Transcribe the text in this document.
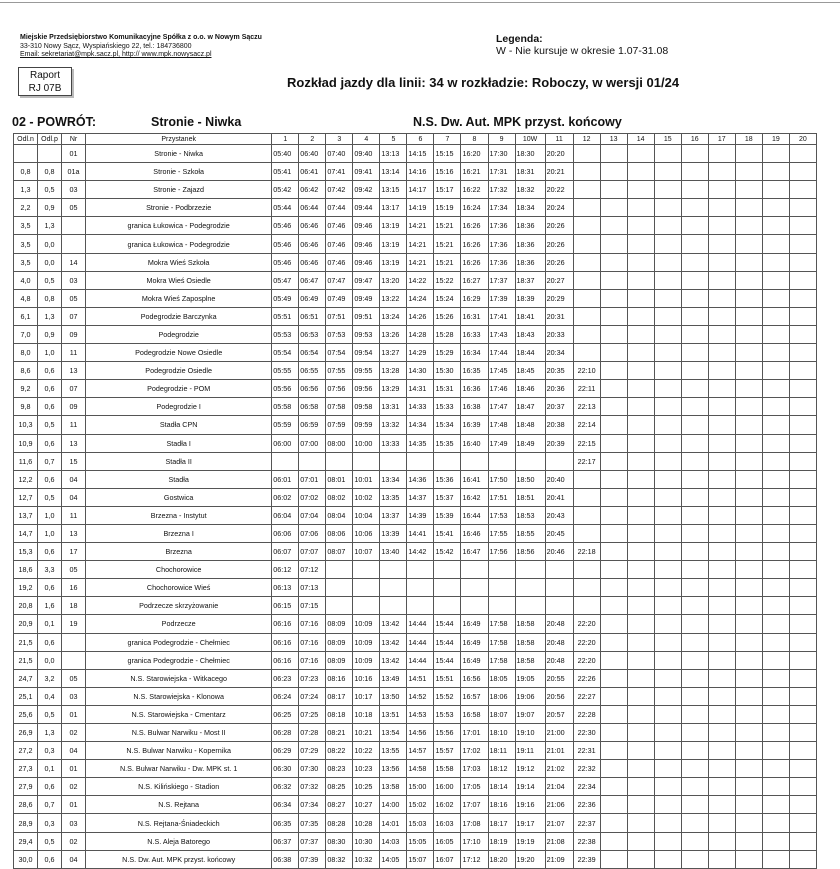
Miejskie Przedsiębiorstwo Komunikacyjne Spółka z o.o. w Nowym Sączu
33-310 Nowy Sącz, Wyspiańskiego 22, tel.: 184736800
Email: sekretariat@mpk.sacz.pl, http:// www.mpk.nowysacz.pl
Raport
RJ 07B
Legenda:
W - Nie kursuje w okresie 1.07-31.08
Rozkład jazdy dla linii: 34 w rozkładzie: Roboczy, w wersji 01/24
02 - POWRÓT:	Stronie - Niwka	N.S. Dw. Aut. MPK przyst. końcowy
Odl.n	Odl.p	Nr	Przystanek	1	2	3	4	5	6	7	8	9	10W	11	12	13	14	15	16	17	18	19	20
		01	Stronie - Niwka	05:40	06:40	07:40	09:40	13:13	14:15	15:15	16:20	17:30	18:30	20:20									
0,8	0,8	01a	Stronie - Szkoła	05:41	06:41	07:41	09:41	13:14	14:16	15:16	16:21	17:31	18:31	20:21									
1,3	0,5	03	Stronie - Zajazd	05:42	06:42	07:42	09:42	13:15	14:17	15:17	16:22	17:32	18:32	20:22									
2,2	0,9	05	Stronie - Podbrzezie	05:44	06:44	07:44	09:44	13:17	14:19	15:19	16:24	17:34	18:34	20:24									
3,5	1,3		granica Łukowica - Podegrodzie	05:46	06:46	07:46	09:46	13:19	14:21	15:21	16:26	17:36	18:36	20:26									
3,5	0,0		granica Łukowica - Podegrodzie	05:46	06:46	07:46	09:46	13:19	14:21	15:21	16:26	17:36	18:36	20:26									
3,5	0,0	14	Mokra Wieś Szkoła	05:46	06:46	07:46	09:46	13:19	14:21	15:21	16:26	17:36	18:36	20:26									
4,0	0,5	03	Mokra Wieś Osiedle	05:47	06:47	07:47	09:47	13:20	14:22	15:22	16:27	17:37	18:37	20:27									
4,8	0,8	05	Mokra Wieś Zaposplne	05:49	06:49	07:49	09:49	13:22	14:24	15:24	16:29	17:39	18:39	20:29									
6,1	1,3	07	Podegrodzie Barczynka	05:51	06:51	07:51	09:51	13:24	14:26	15:26	16:31	17:41	18:41	20:31									
7,0	0,9	09	Podegrodzie	05:53	06:53	07:53	09:53	13:26	14:28	15:28	16:33	17:43	18:43	20:33									
8,0	1,0	11	Podegrodzie Nowe Osiedle	05:54	06:54	07:54	09:54	13:27	14:29	15:29	16:34	17:44	18:44	20:34									
8,6	0,6	13	Podegrodzie Osiedle	05:55	06:55	07:55	09:55	13:28	14:30	15:30	16:35	17:45	18:45	20:35	22:10								
9,2	0,6	07	Podegrodzie - POM	05:56	06:56	07:56	09:56	13:29	14:31	15:31	16:36	17:46	18:46	20:36	22:11								
9,8	0,6	09	Podegrodzie I	05:58	06:58	07:58	09:58	13:31	14:33	15:33	16:38	17:47	18:47	20:37	22:13								
10,3	0,5	11	Stadła CPN	05:59	06:59	07:59	09:59	13:32	14:34	15:34	16:39	17:48	18:48	20:38	22:14								
10,9	0,6	13	Stadła I	06:00	07:00	08:00	10:00	13:33	14:35	15:35	16:40	17:49	18:49	20:39	22:15								
11,6	0,7	15	Stadła II												22:17								
12,2	0,6	04	Stadła	06:01	07:01	08:01	10:01	13:34	14:36	15:36	16:41	17:50	18:50	20:40									
12,7	0,5	04	Gostwica	06:02	07:02	08:02	10:02	13:35	14:37	15:37	16:42	17:51	18:51	20:41									
13,7	1,0	11	Brzezna - Instytut	06:04	07:04	08:04	10:04	13:37	14:39	15:39	16:44	17:53	18:53	20:43									
14,7	1,0	13	Brzezna I	06:06	07:06	08:06	10:06	13:39	14:41	15:41	16:46	17:55	18:55	20:45									
15,3	0,6	17	Brzezna	06:07	07:07	08:07	10:07	13:40	14:42	15:42	16:47	17:56	18:56	20:46	22:18								
18,6	3,3	05	Chochorowice	06:12	07:12																		
19,2	0,6	16	Chochorowice Wieś	06:13	07:13																		
20,8	1,6	18	Podrzecze skrzyżowanie	06:15	07:15																		
20,9	0,1	19	Podrzecze	06:16	07:16	08:09	10:09	13:42	14:44	15:44	16:49	17:58	18:58	20:48	22:20								
21,5	0,6		granica Podegrodzie - Chełmiec	06:16	07:16	08:09	10:09	13:42	14:44	15:44	16:49	17:58	18:58	20:48	22:20								
21,5	0,0		granica Podegrodzie - Chełmiec	06:16	07:16	08:09	10:09	13:42	14:44	15:44	16:49	17:58	18:58	20:48	22:20								
24,7	3,2	05	N.S. Starowiejska - Witkacego	06:23	07:23	08:16	10:16	13:49	14:51	15:51	16:56	18:05	19:05	20:55	22:26								
25,1	0,4	03	N.S. Starowiejska - Klonowa	06:24	07:24	08:17	10:17	13:50	14:52	15:52	16:57	18:06	19:06	20:56	22:27								
25,6	0,5	01	N.S. Starowiejska - Cmentarz	06:25	07:25	08:18	10:18	13:51	14:53	15:53	16:58	18:07	19:07	20:57	22:28								
26,9	1,3	02	N.S. Bulwar Narwiku - Most II	06:28	07:28	08:21	10:21	13:54	14:56	15:56	17:01	18:10	19:10	21:00	22:30								
27,2	0,3	04	N.S. Bulwar Narwiku - Kopernika	06:29	07:29	08:22	10:22	13:55	14:57	15:57	17:02	18:11	19:11	21:01	22:31								
27,3	0,1	01	N.S. Bulwar Narwiku - Dw. MPK st. 1	06:30	07:30	08:23	10:23	13:56	14:58	15:58	17:03	18:12	19:12	21:02	22:32								
27,9	0,6	02	N.S. Kilińskiego - Stadion	06:32	07:32	08:25	10:25	13:58	15:00	16:00	17:05	18:14	19:14	21:04	22:34								
28,6	0,7	01	N.S. Rejtana	06:34	07:34	08:27	10:27	14:00	15:02	16:02	17:07	18:16	19:16	21:06	22:36								
28,9	0,3	03	N.S. Rejtana-Śniadeckich	06:35	07:35	08:28	10:28	14:01	15:03	16:03	17:08	18:17	19:17	21:07	22:37								
29,4	0,5	02	N.S. Aleja Batorego	06:37	07:37	08:30	10:30	14:03	15:05	16:05	17:10	18:19	19:19	21:08	22:38								
30,0	0,6	04	N.S. Dw. Aut. MPK przyst. końcowy	06:38	07:39	08:32	10:32	14:05	15:07	16:07	17:12	18:20	19:20	21:09	22:39								
